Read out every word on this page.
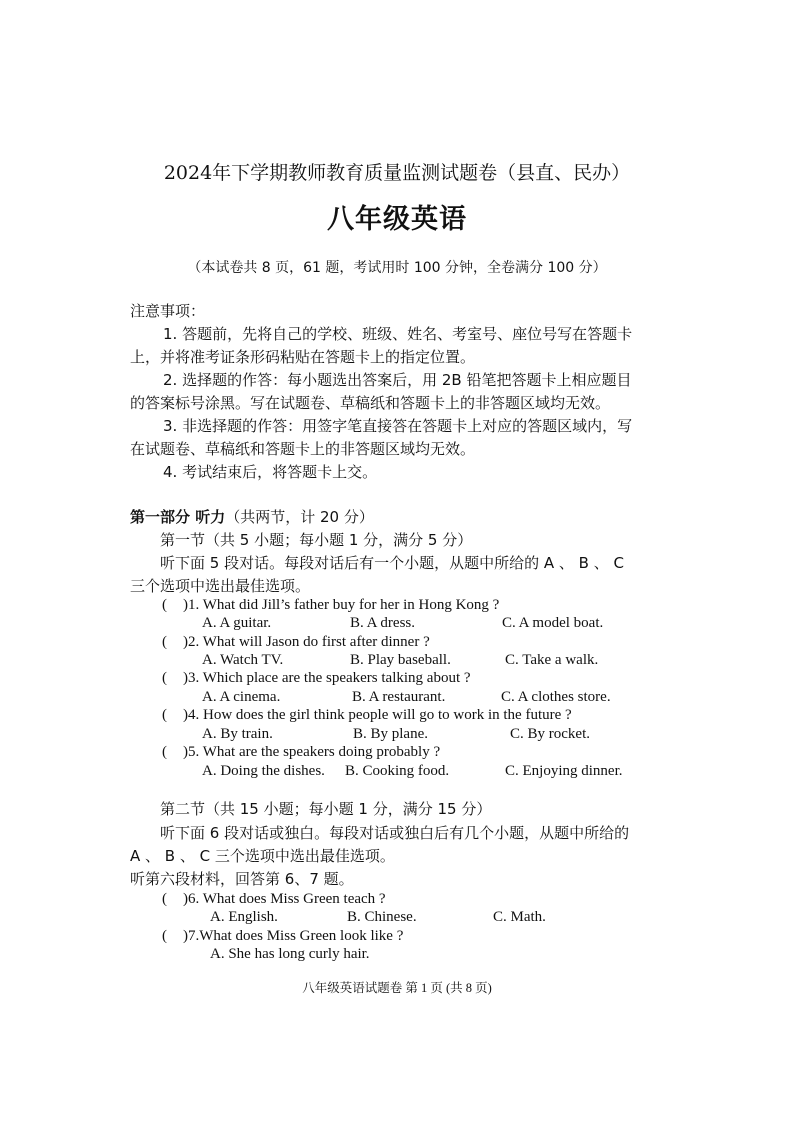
2024年下学期教师教育质量监测试题卷（县直、民办）
八年级英语
（本试卷共 8 页，61 题，考试用时 100 分钟，全卷满分 100 分）
注意事项：
1. 答题前，先将自己的学校、班级、姓名、考室号、座位号写在答题卡
上，并将准考证条形码粘贴在答题卡上的指定位置。
2. 选择题的作答：每小题选出答案后，用 2B 铅笔把答题卡上相应题目
的答案标号涂黑。写在试题卷、草稿纸和答题卡上的非答题区域均无效。
3. 非选择题的作答：用签字笔直接答在答题卡上对应的答题区域内，写
在试题卷、草稿纸和答题卡上的非答题区域均无效。
4. 考试结束后，将答题卡上交。
第一部分 听力（共两节，计 20 分）
第一节（共 5 小题；每小题 1 分，满分 5 分）
听下面 5 段对话。每段对话后有一个小题，从题中所给的 A 、 B 、 C
三个选项中选出最佳选项。
( )1. What did Jill’s father buy for her in Hong Kong ?
A. A guitar.	B. A dress.	C. A model boat.
( )2. What will Jason do first after dinner ?
A. Watch TV.	B. Play baseball.	C. Take a walk.
( )3. Which place are the speakers talking about ?
A. A cinema.	B. A restaurant.	C. A clothes store.
( )4. How does the girl think people will go to work in the future ?
A. By train.	B. By plane.	C. By rocket.
( )5. What are the speakers doing probably ?
A. Doing the dishes. B. Cooking food.	C. Enjoying dinner.
第二节（共 15 小题；每小题 1 分，满分 15 分）
听下面 6 段对话或独白。每段对话或独白后有几个小题，从题中所给的
A 、 B 、 C 三个选项中选出最佳选项。
听第六段材料，回答第 6、7 题。
( )6. What does Miss Green teach ?
A. English.	B. Chinese.	C. Math.
( )7.What does Miss Green look like ?
A. She has long curly hair.
八年级英语试题卷 第 1 页 (共 8 页)
